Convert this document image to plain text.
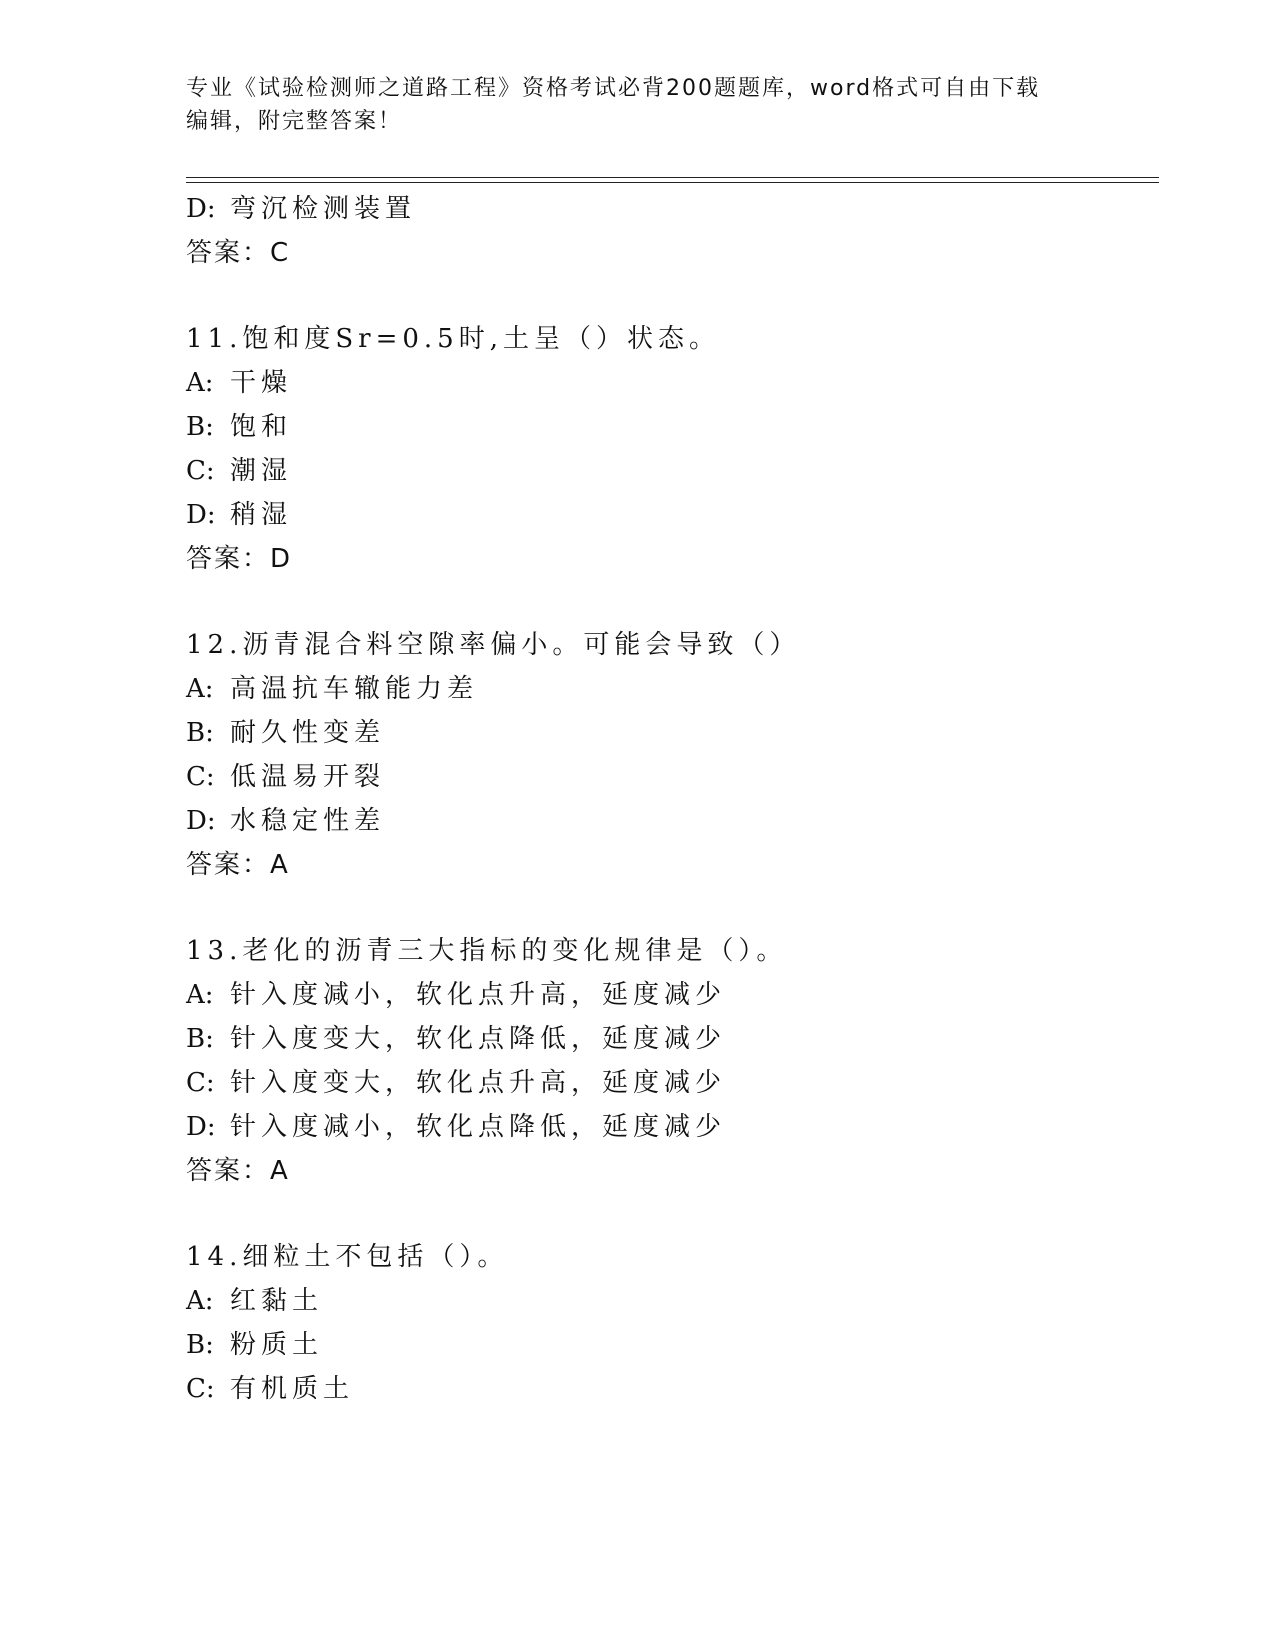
专业《试验检测师之道路工程》资格考试必背200题题库，word格式可自由下载
编辑，附完整答案！
D: 弯沉检测装置
答案：C
11.饱和度Sr=0.5时,土呈（）状态。
A: 干燥
B: 饱和
C: 潮湿
D: 稍湿
答案：D
12.沥青混合料空隙率偏小。可能会导致（）
A: 高温抗车辙能力差
B: 耐久性变差
C: 低温易开裂
D: 水稳定性差
答案：A
13.老化的沥青三大指标的变化规律是（）。
A: 针入度减小，软化点升高，延度减少
B: 针入度变大，软化点降低，延度减少
C: 针入度变大，软化点升高，延度减少
D: 针入度减小，软化点降低，延度减少
答案：A
14.细粒土不包括（）。
A: 红黏土
B: 粉质土
C: 有机质土
